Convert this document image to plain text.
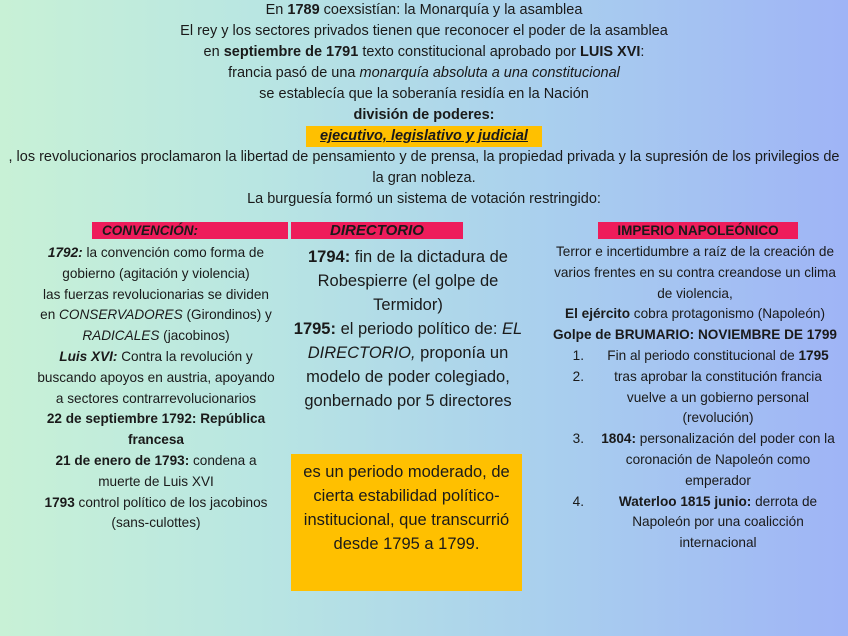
En 1789 coexsistían: la Monarquía y la asamblea
El rey y los sectores privados tienen que reconocer el poder de la asamblea
en septiembre de 1791 texto constitucional aprobado por LUIS XVI:
francia pasó de una monarquía absoluta a una constitucional
se establecía que la soberanía residía en la Nación
división de poderes:
ejecutivo, legislativo y judicial
, los revolucionarios proclamaron la libertad de pensamiento y de prensa, la propiedad privada y la supresión de los privilegios de la gran nobleza.
La burguesía formó un sistema de votación restringido:
CONVENCIÓN:	DIRECTORIO	IMPERIO NAPOLEÓNICO
1792: la convención como forma de gobierno (agitación y violencia)
las fuerzas revolucionarias se dividen en CONSERVADORES (Girondinos) y RADICALES (jacobinos)
Luis XVI: Contra la revolución y buscando apoyos en austria, apoyando a sectores contrarrevolucionarios
22 de septiembre 1792: República francesa
21 de enero de 1793: condena a muerte de Luis XVI
1793 control político de los jacobinos (sans-culottes)
1794: fin de la dictadura de Robespierre (el golpe de Termidor)
1795: el periodo político de: EL DIRECTORIO, proponía un modelo de poder colegiado, gonbernado por 5 directores
es un periodo moderado, de cierta estabilidad político-institucional, que transcurrió desde 1795 a 1799.
Terror e incertidumbre a raíz de la creación de varios frentes en su contra creandose un clima de violencia,
El ejército cobra protagonismo (Napoleón)
Golpe de BRUMARIO: NOVIEMBRE DE 1799
1.	Fin al periodo constitucional de 1795
2.	tras aprobar la constitución francia vuelve a un gobierno personal (revolución)
3.	1804: personalización del poder con la coronación de Napoleón como emperador
4.	Waterloo 1815 junio: derrota de Napoleón por una coalicción internacional
